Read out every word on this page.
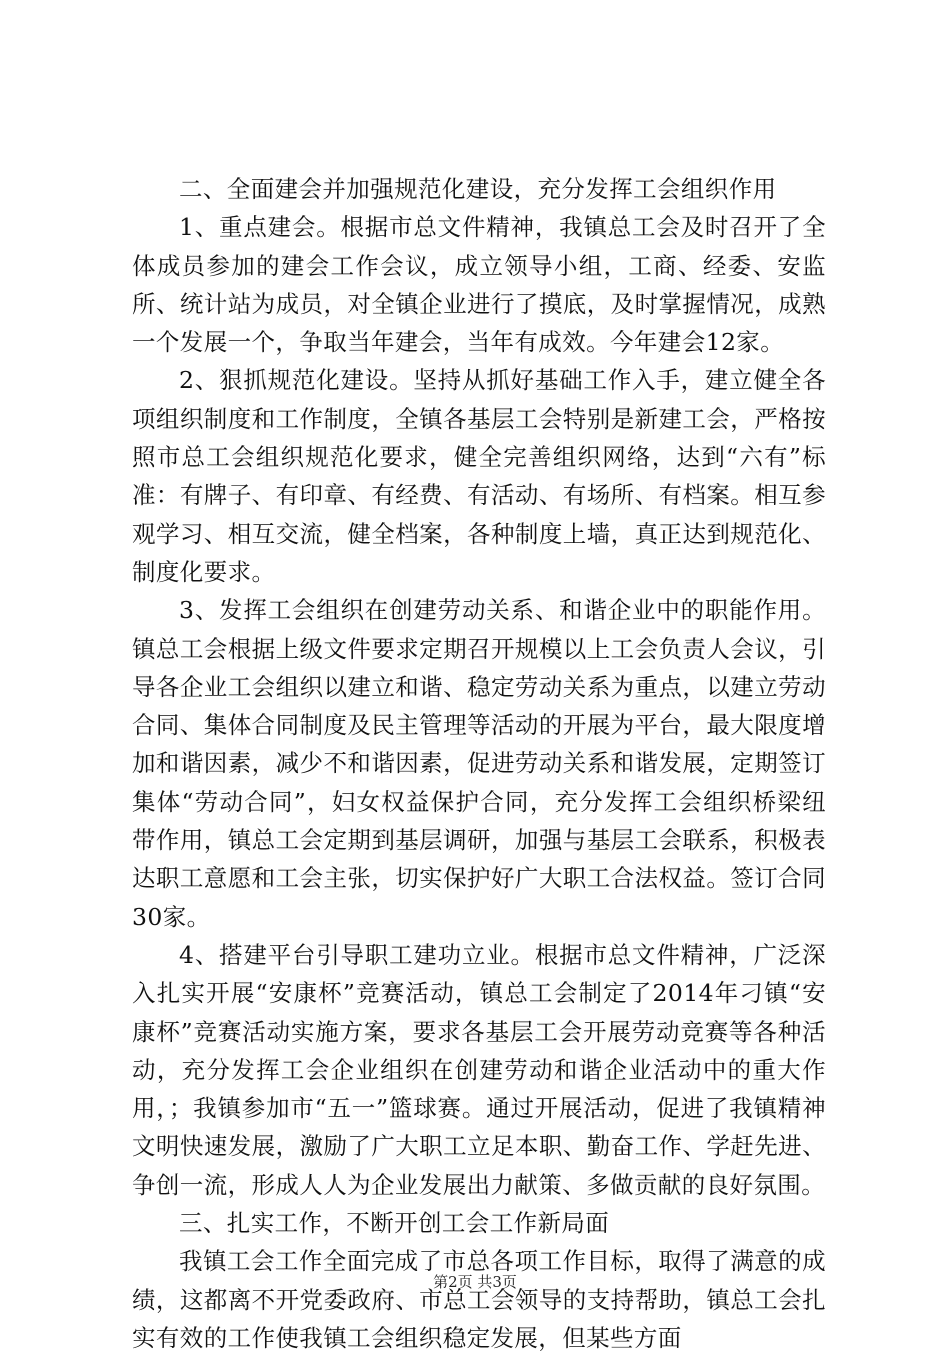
二、全面建会并加强规范化建设，充分发挥工会组织作用

1、重点建会。根据市总文件精神，我镇总工会及时召开了全体成员参加的建会工作会议，成立领导小组，工商、经委、安监所、统计站为成员，对全镇企业进行了摸底，及时掌握情况，成熟一个发展一个，争取当年建会，当年有成效。今年建会12家。

2、狠抓规范化建设。坚持从抓好基础工作入手，建立健全各项组织制度和工作制度，全镇各基层工会特别是新建工会，严格按照市总工会组织规范化要求，健全完善组织网络，达到“六有”标准：有牌子、有印章、有经费、有活动、有场所、有档案。相互参观学习、相互交流，健全档案，各种制度上墙，真正达到规范化、制度化要求。

3、发挥工会组织在创建劳动关系、和谐企业中的职能作用。镇总工会根据上级文件要求定期召开规模以上工会负责人会议，引导各企业工会组织以建立和谐、稳定劳动关系为重点，以建立劳动合同、集体合同制度及民主管理等活动的开展为平台，最大限度增加和谐因素，减少不和谐因素，促进劳动关系和谐发展，定期签订集体“劳动合同”，妇女权益保护合同，充分发挥工会组织桥梁纽带作用，镇总工会定期到基层调研，加强与基层工会联系，积极表达职工意愿和工会主张，切实保护好广大职工合法权益。签订合同30家。

4、搭建平台引导职工建功立业。根据市总文件精神，广泛深入扎实开展“安康杯”竞赛活动，镇总工会制定了2014年刁镇“安康杯”竞赛活动实施方案，要求各基层工会开展劳动竞赛等各种活动，充分发挥工会企业组织在创建劳动和谐企业活动中的重大作用，；我镇参加市“五一”篮球赛。通过开展活动，促进了我镇精神文明快速发展，激励了广大职工立足本职、勤奋工作、学赶先进、争创一流，形成人人为企业发展出力献策、多做贡献的良好氛围。

三、扎实工作，不断开创工会工作新局面

我镇工会工作全面完成了市总各项工作目标，取得了满意的成绩，这都离不开党委政府、市总工会领导的支持帮助，镇总工会扎实有效的工作使我镇工会组织稳定发展，但某些方面

第2页 共3页
